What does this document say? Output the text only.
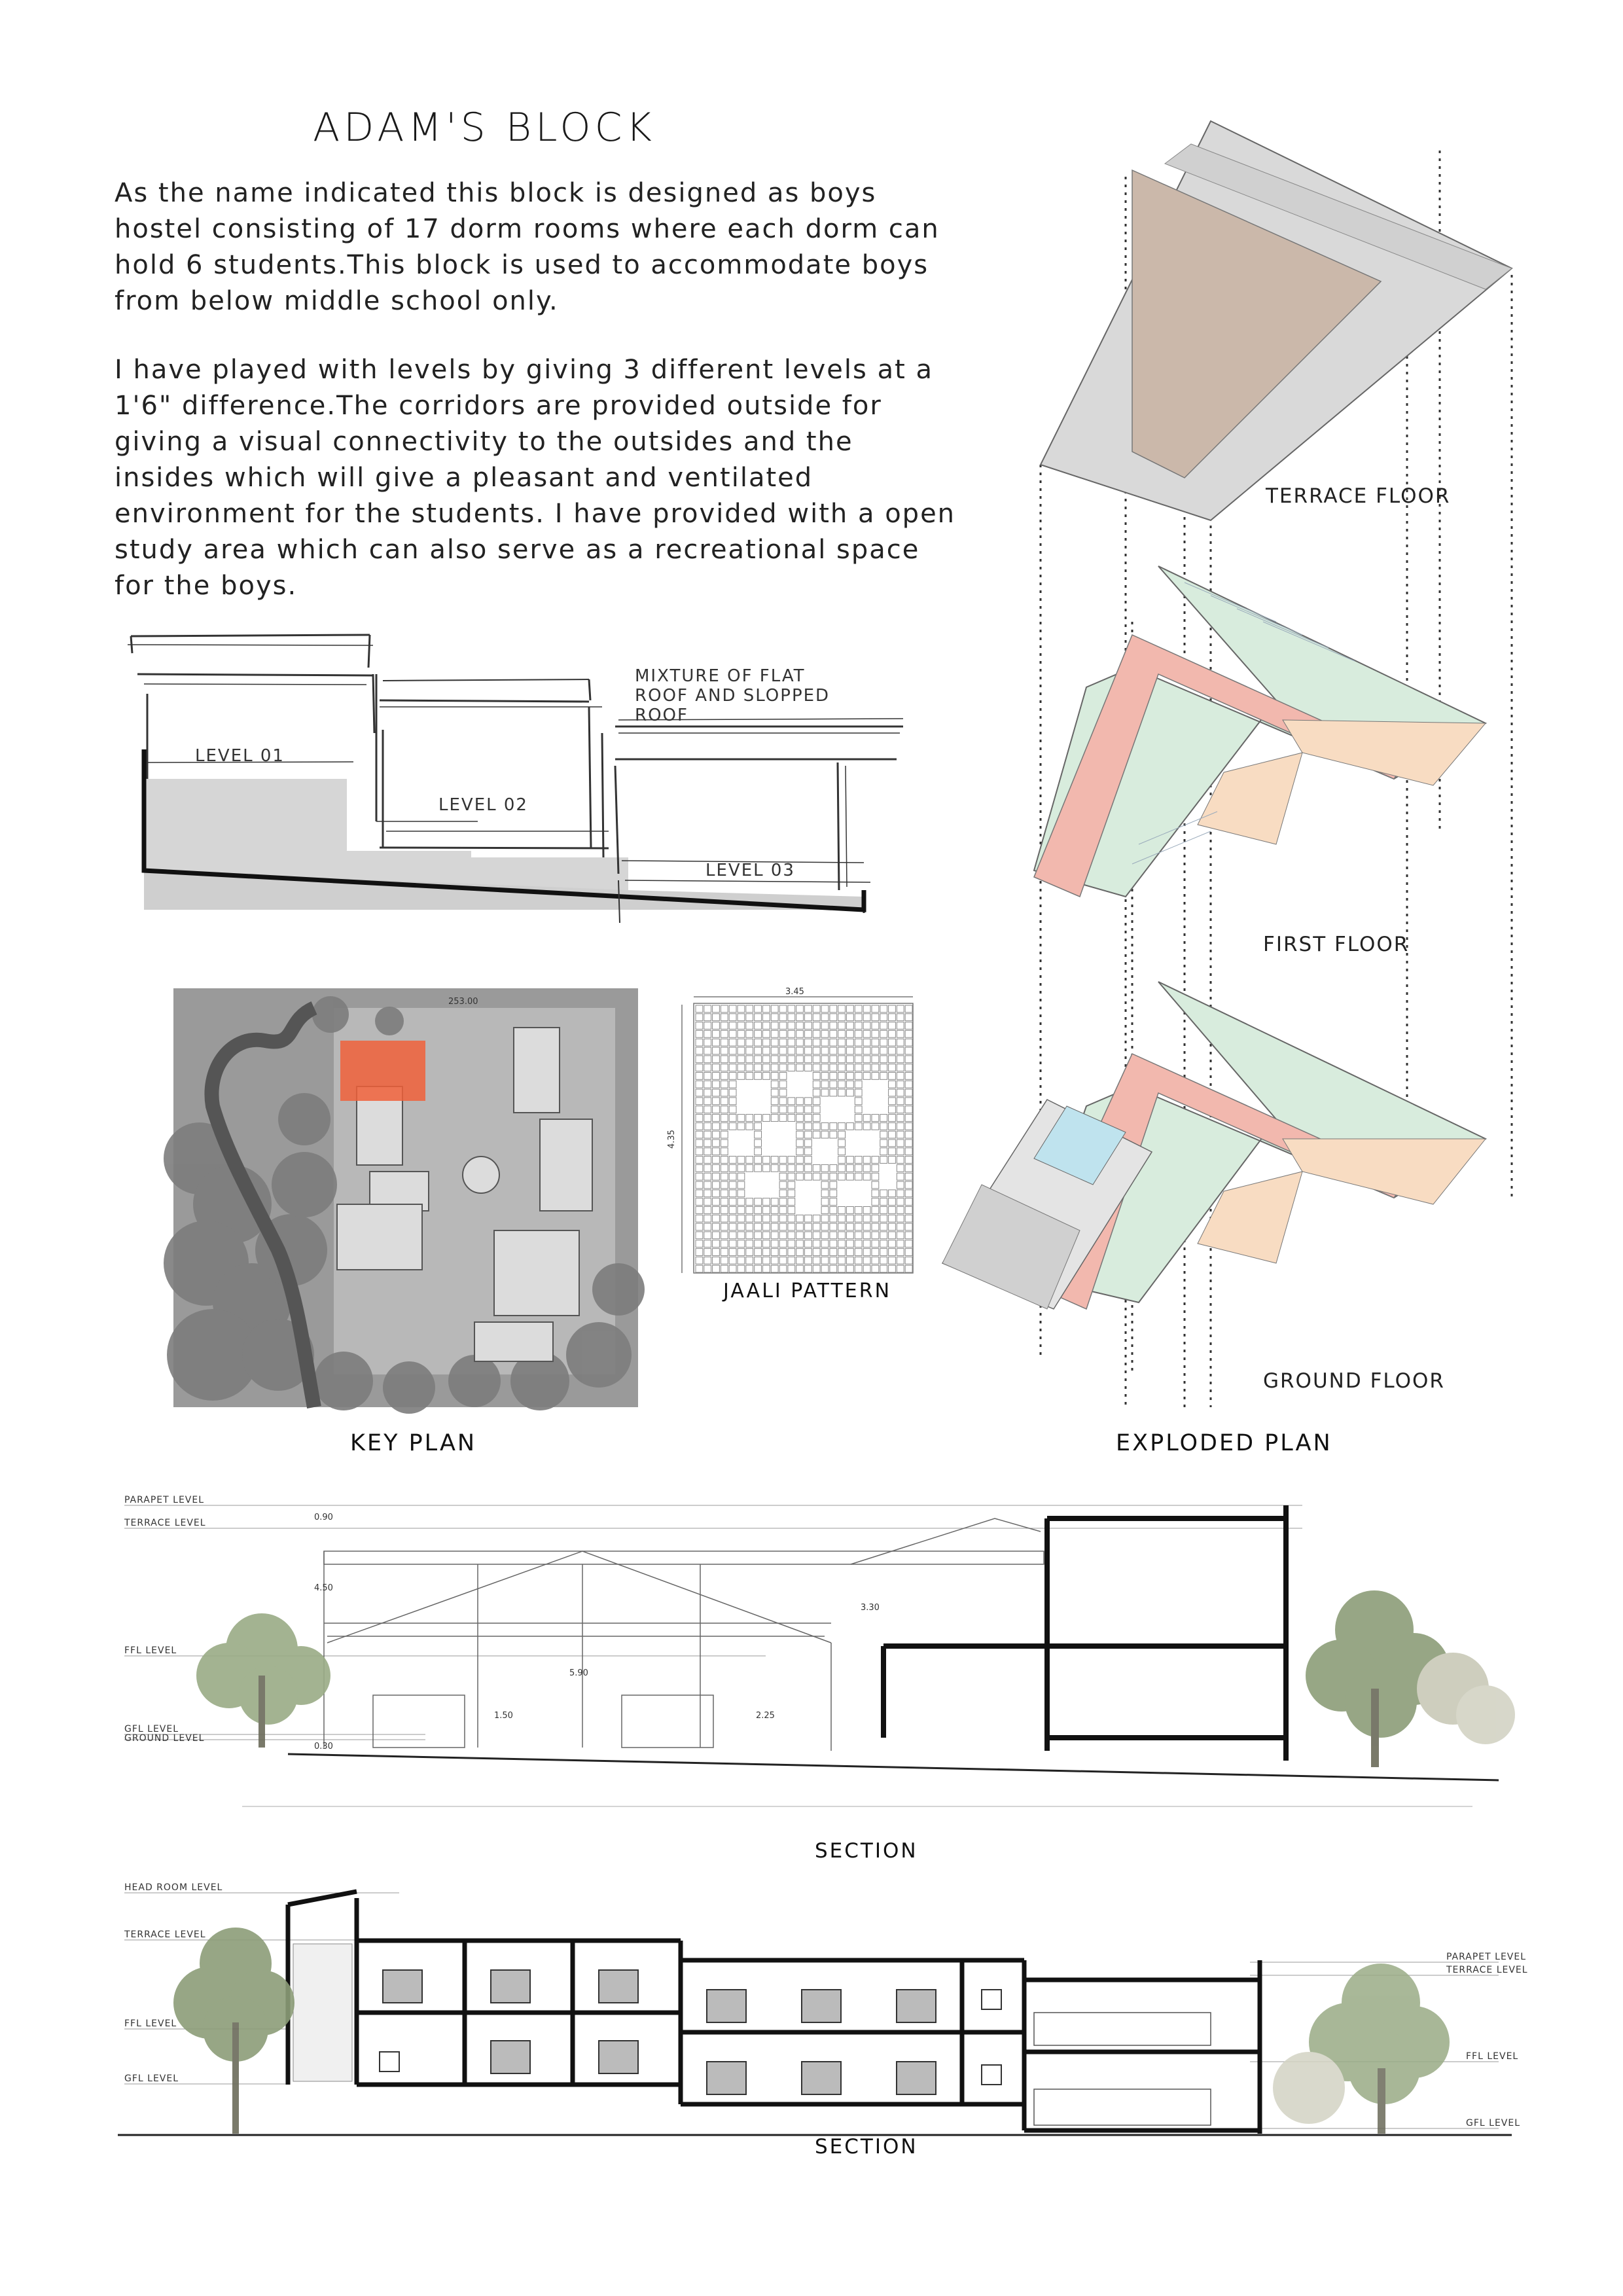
ADAM'S BLOCK
As the name indicated this block is designed as boys hostel consisting of 17 dorm rooms where each dorm can hold 6 students.This block is used to accommodate boys from below middle school only.
I have played with levels by giving 3 different levels at a 1'6" difference.The corridors are provided outside for giving a visual connectivity to the outsides and the insides which will give a pleasant and ventilated environment for the students. I have provided with a open study area which can also serve as a recreational space for the boys.
MIXTURE OF FLAT ROOF AND SLOPPED ROOF
LEVEL 01
LEVEL 02
LEVEL 03
253.00
KEY PLAN
3.45
4.35
JAALI PATTERN
TERRACE FLOOR
FIRST FLOOR
GROUND FLOOR
EXPLODED PLAN
PARAPET LEVEL
TERRACE LEVEL
FFL LEVEL
GFL LEVEL
GROUND LEVEL
0.90
4.50
3.30
5.90
1.50	2.25
0.30
SECTION
HEAD ROOM LEVEL
TERRACE LEVEL
FFL LEVEL
GFL LEVEL
PARAPET LEVEL
TERRACE LEVEL
FFL LEVEL
GFL LEVEL
SECTION
